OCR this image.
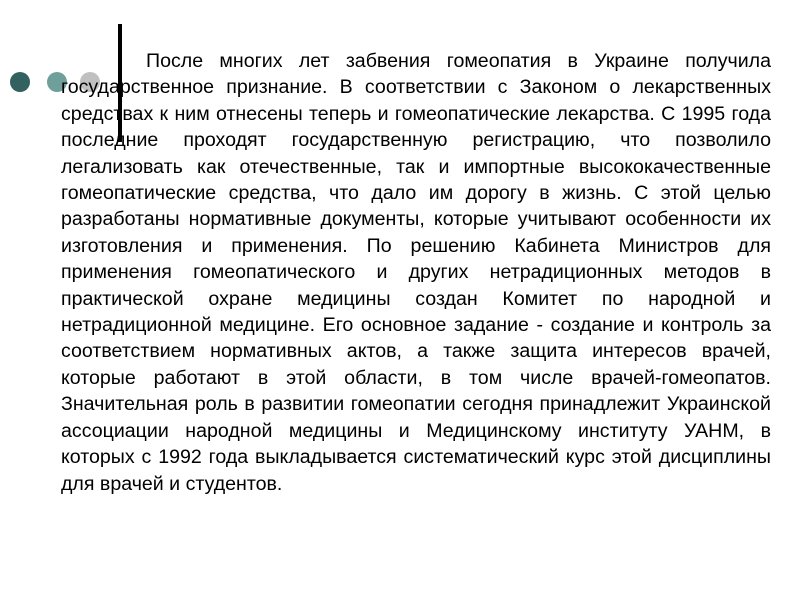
После многих лет забвения гомеопатия в Украине получила государственное признание. В соответствии с Законом о лекарственных средствах к ним отнесены теперь и гомеопатические лекарства. С 1995 года последние проходят государственную регистрацию, что позволило легализовать как отечественные, так и импортные высококачественные гомеопатические средства, что дало им дорогу в жизнь. С этой целью разработаны нормативные документы, которые учитывают особенности их изготовления и применения. По решению Кабинета Министров для применения гомеопатического и других нетрадиционных методов в практической охране медицины создан Комитет по народной и нетрадиционной медицине. Его основное задание - создание и контроль за соответствием нормативных актов, а также защита интересов врачей, которые работают в этой области, в том числе врачей-гомеопатов. Значительная роль в развитии гомеопатии сегодня принадлежит Украинской ассоциации народной медицины и Медицинскому институту УАНМ, в которых с 1992 года выкладывается систематический курс этой дисциплины для врачей и студентов.
